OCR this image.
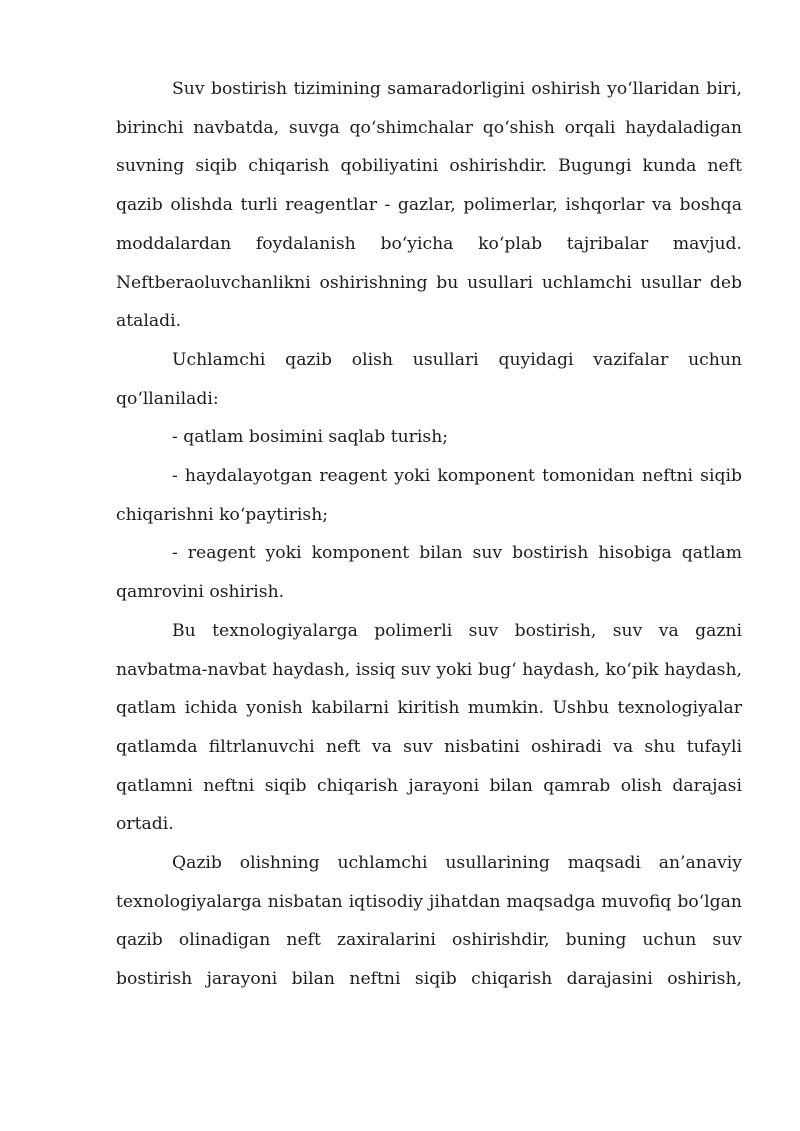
Suv bostirish tizimining samaradorligini oshirish yo‘llaridan biri, birinchi navbatda, suvga qo‘shimchalar qo‘shish orqali haydaladigan suvning siqib chiqarish qobiliyatini oshirishdir. Bugungi kunda neft qazib olishda turli reagentlar - gazlar, polimerlar, ishqorlar va boshqa moddalardan foydalanish bo‘yicha ko‘plab tajribalar mavjud. Neftberaoluvchanlikni oshirishning bu usullari uchlamchi usullar deb ataladi.

Uchlamchi qazib olish usullari quyidagi vazifalar uchun qo‘llaniladi:

- qatlam bosimini saqlab turish;

- haydalayotgan reagent yoki komponent tomonidan neftni siqib chiqarishni ko‘paytirish;

- reagent yoki komponent bilan suv bostirish hisobiga qatlam qamrovini oshirish.

Bu texnologiyalarga polimerli suv bostirish, suv va gazni navbatma-navbat haydash, issiq suv yoki bug‘ haydash, ko‘pik haydash, qatlam ichida yonish kabilarni kiritish mumkin. Ushbu texnologiyalar qatlamda filtrlanuvchi neft va suv nisbatini oshiradi va shu tufayli qatlamni neftni siqib chiqarish jarayoni bilan qamrab olish darajasi ortadi.

Qazib olishning uchlamchi usullarining maqsadi an’anaviy texnologiyalarga nisbatan iqtisodiy jihatdan maqsadga muvofiq bo‘lgan qazib olinadigan neft zaxiralarini oshirishdir, buning uchun suv bostirish jarayoni bilan neftni siqib chiqarish darajasini oshirish,
